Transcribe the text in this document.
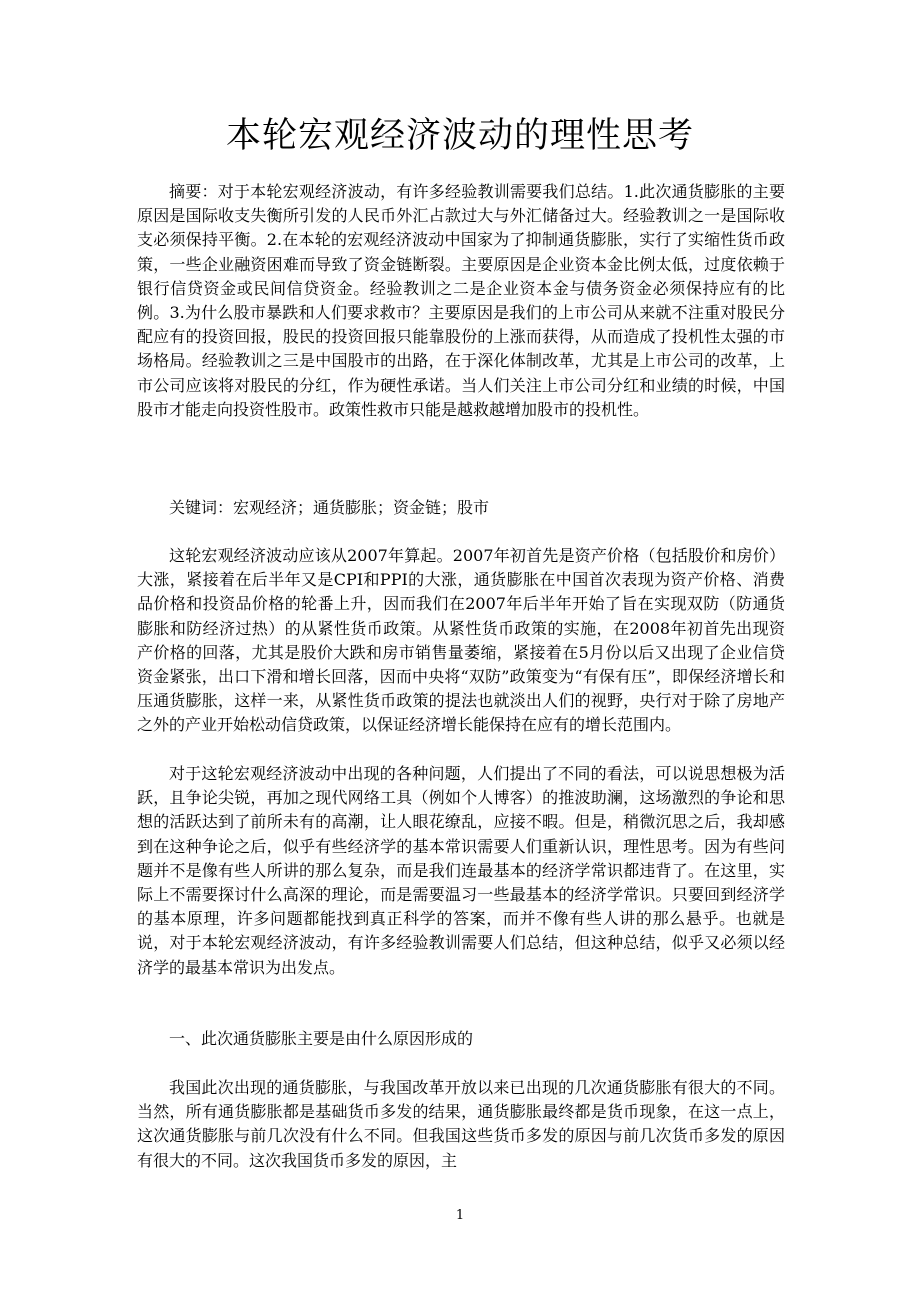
本轮宏观经济波动的理性思考

摘要：对于本轮宏观经济波动，有许多经验教训需要我们总结。1.此次通货膨胀的主要原因是国际收支失衡所引发的人民币外汇占款过大与外汇储备过大。经验教训之一是国际收支必须保持平衡。2.在本轮的宏观经济波动中国家为了抑制通货膨胀，实行了实缩性货币政策，一些企业融资困难而导致了资金链断裂。主要原因是企业资本金比例太低，过度依赖于银行信贷资金或民间信贷资金。经验教训之二是企业资本金与债务资金必须保持应有的比例。3.为什么股市暴跌和人们要求救市？主要原因是我们的上市公司从来就不注重对股民分配应有的投资回报，股民的投资回报只能靠股份的上涨而获得，从而造成了投机性太强的市场格局。经验教训之三是中国股市的出路，在于深化体制改革，尤其是上市公司的改革，上市公司应该将对股民的分红，作为硬性承诺。当人们关注上市公司分红和业绩的时候，中国股市才能走向投资性股市。政策性救市只能是越救越增加股市的投机性。

关键词：宏观经济；通货膨胀；资金链；股市

这轮宏观经济波动应该从2007年算起。2007年初首先是资产价格（包括股价和房价）大涨，紧接着在后半年又是CPI和PPI的大涨，通货膨胀在中国首次表现为资产价格、消费品价格和投资品价格的轮番上升，因而我们在2007年后半年开始了旨在实现双防（防通货膨胀和防经济过热）的从紧性货币政策。从紧性货币政策的实施，在2008年初首先出现资产价格的回落，尤其是股价大跌和房市销售量萎缩，紧接着在5月份以后又出现了企业信贷资金紧张，出口下滑和增长回落，因而中央将“双防”政策变为“有保有压”，即保经济增长和压通货膨胀，这样一来，从紧性货币政策的提法也就淡出人们的视野，央行对于除了房地产之外的产业开始松动信贷政策，以保证经济增长能保持在应有的增长范围内。

对于这轮宏观经济波动中出现的各种问题，人们提出了不同的看法，可以说思想极为活跃，且争论尖锐，再加之现代网络工具（例如个人博客）的推波助澜，这场激烈的争论和思想的活跃达到了前所未有的高潮，让人眼花缭乱，应接不暇。但是，稍微沉思之后，我却感到在这种争论之后，似乎有些经济学的基本常识需要人们重新认识，理性思考。因为有些问题并不是像有些人所讲的那么复杂，而是我们连最基本的经济学常识都违背了。在这里，实际上不需要探讨什么高深的理论，而是需要温习一些最基本的经济学常识。只要回到经济学的基本原理，许多问题都能找到真正科学的答案，而并不像有些人讲的那么悬乎。也就是说，对于本轮宏观经济波动，有许多经验教训需要人们总结，但这种总结，似乎又必须以经济学的最基本常识为出发点。

一、此次通货膨胀主要是由什么原因形成的

我国此次出现的通货膨胀，与我国改革开放以来已出现的几次通货膨胀有很大的不同。当然，所有通货膨胀都是基础货币多发的结果，通货膨胀最终都是货币现象，在这一点上，这次通货膨胀与前几次没有什么不同。但我国这些货币多发的原因与前几次货币多发的原因有很大的不同。这次我国货币多发的原因，主

1
